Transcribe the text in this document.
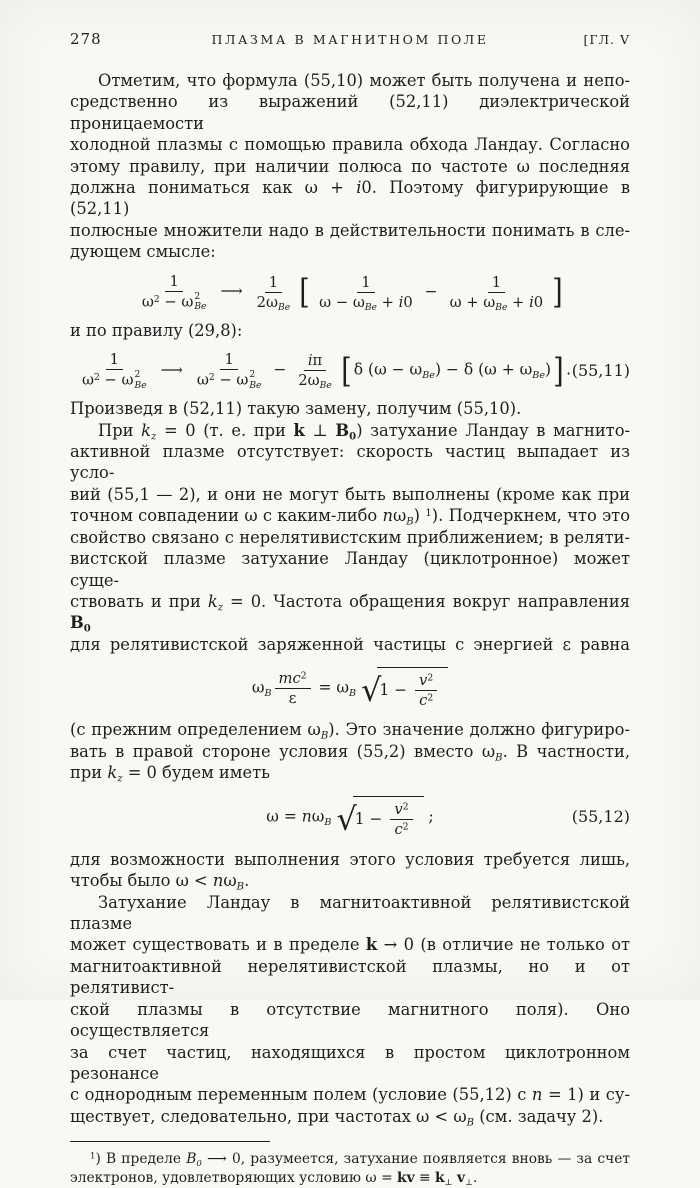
278	ПЛАЗМА В МАГНИТНОМ ПОЛЕ	[ГЛ. V
Отметим, что формула (55,10) может быть получена и непо-
средственно из выражений (52,11) диэлектрической проницаемости
холодной плазмы с помощью правила обхода Ландау. Согласно
этому правилу, при наличии полюса по частоте ω последняя
должна пониматься как ω + i0. Поэтому фигурирующие в (52,11)
полюсные множители надо в действительности понимать в сле-
дующем смысле:
1
$\omega^2 - \omega$ 2
Be ⟶ $\frac{1}{2\omega_{Be}}$ [ $\frac{1}{\omega - \omega_{Be} + i0} - \frac{1}{\omega + \omega_{Be} + i0}$ ]
и по правилу (29,8):
1
$\omega^2 - \omega$ 2
Be ⟶ 1
$\omega^2 - \omega$ 2
$Be - \frac{i\pi}{2\omega_{Be}}$ [ δ $(\omega - \omega_{Be}) - \delta$ $(\omega + \omega_{Be})$] . (55,11)
Произведя в (52,11) такую замену, получим (55,10).
При $k_z = 0$ (т. е. при k ⊥ $B_0$) затухание Ландау в магнито-
активной плазме отсутствует: скорость частиц выпадает из усло-
вий (55,1 — 2), и они не могут быть выполнены (кроме как при
точном совпадении ω с каким-либо $n\omega_B$) $^1$). Подчеркнем, что это
свойство связано с нерелятивистским приближением; в реляти-
вистской плазме затухание Ландау (циклотронное) может суще-
ствовать и при $k_z = 0$. Частота обращения вокруг направления $B_0$
для релятивистской заряженной частицы с энергией ε равна
$\omega_B \frac{mc^2}{\varepsilon} = \omega_B$ √
$1 - \frac{v^2}{c^2}$
(с прежним определением $\omega_B$). Это значение должно фигуриро-
вать в правой стороне условия (55,2) вместо $\omega_B$. В частности,
при $k_z = 0$ будем иметь
$\omega = n\omega_B$ √
$1 - \frac{v^2}{c^2}$ ;	(55,12)
для возможности выполнения этого условия требуется лишь,
чтобы было $\omega < n\omega_B$.
Затухание Ландау в магнитоактивной релятивистской плазме
может существовать и в пределе k → 0 (в отличие не только от
магнитоактивной нерелятивистской плазмы, но и от релятивист-
ской плазмы в отсутствие магнитного поля). Оно осуществляется
за счет частиц, находящихся в простом циклотронном резонансе
с однородным переменным полем (условие (55,12) с n = 1) и су-
ществует, следовательно, при частотах $\omega < \omega_B$ (см. задачу 2).
$^1$) В пределе $B_0$ ⟶ 0, разумеется, затухание появляется вновь — за счет
электронов, удовлетворяющих условию ω = kv ≡ $k_\perp$ $v_\perp$.
